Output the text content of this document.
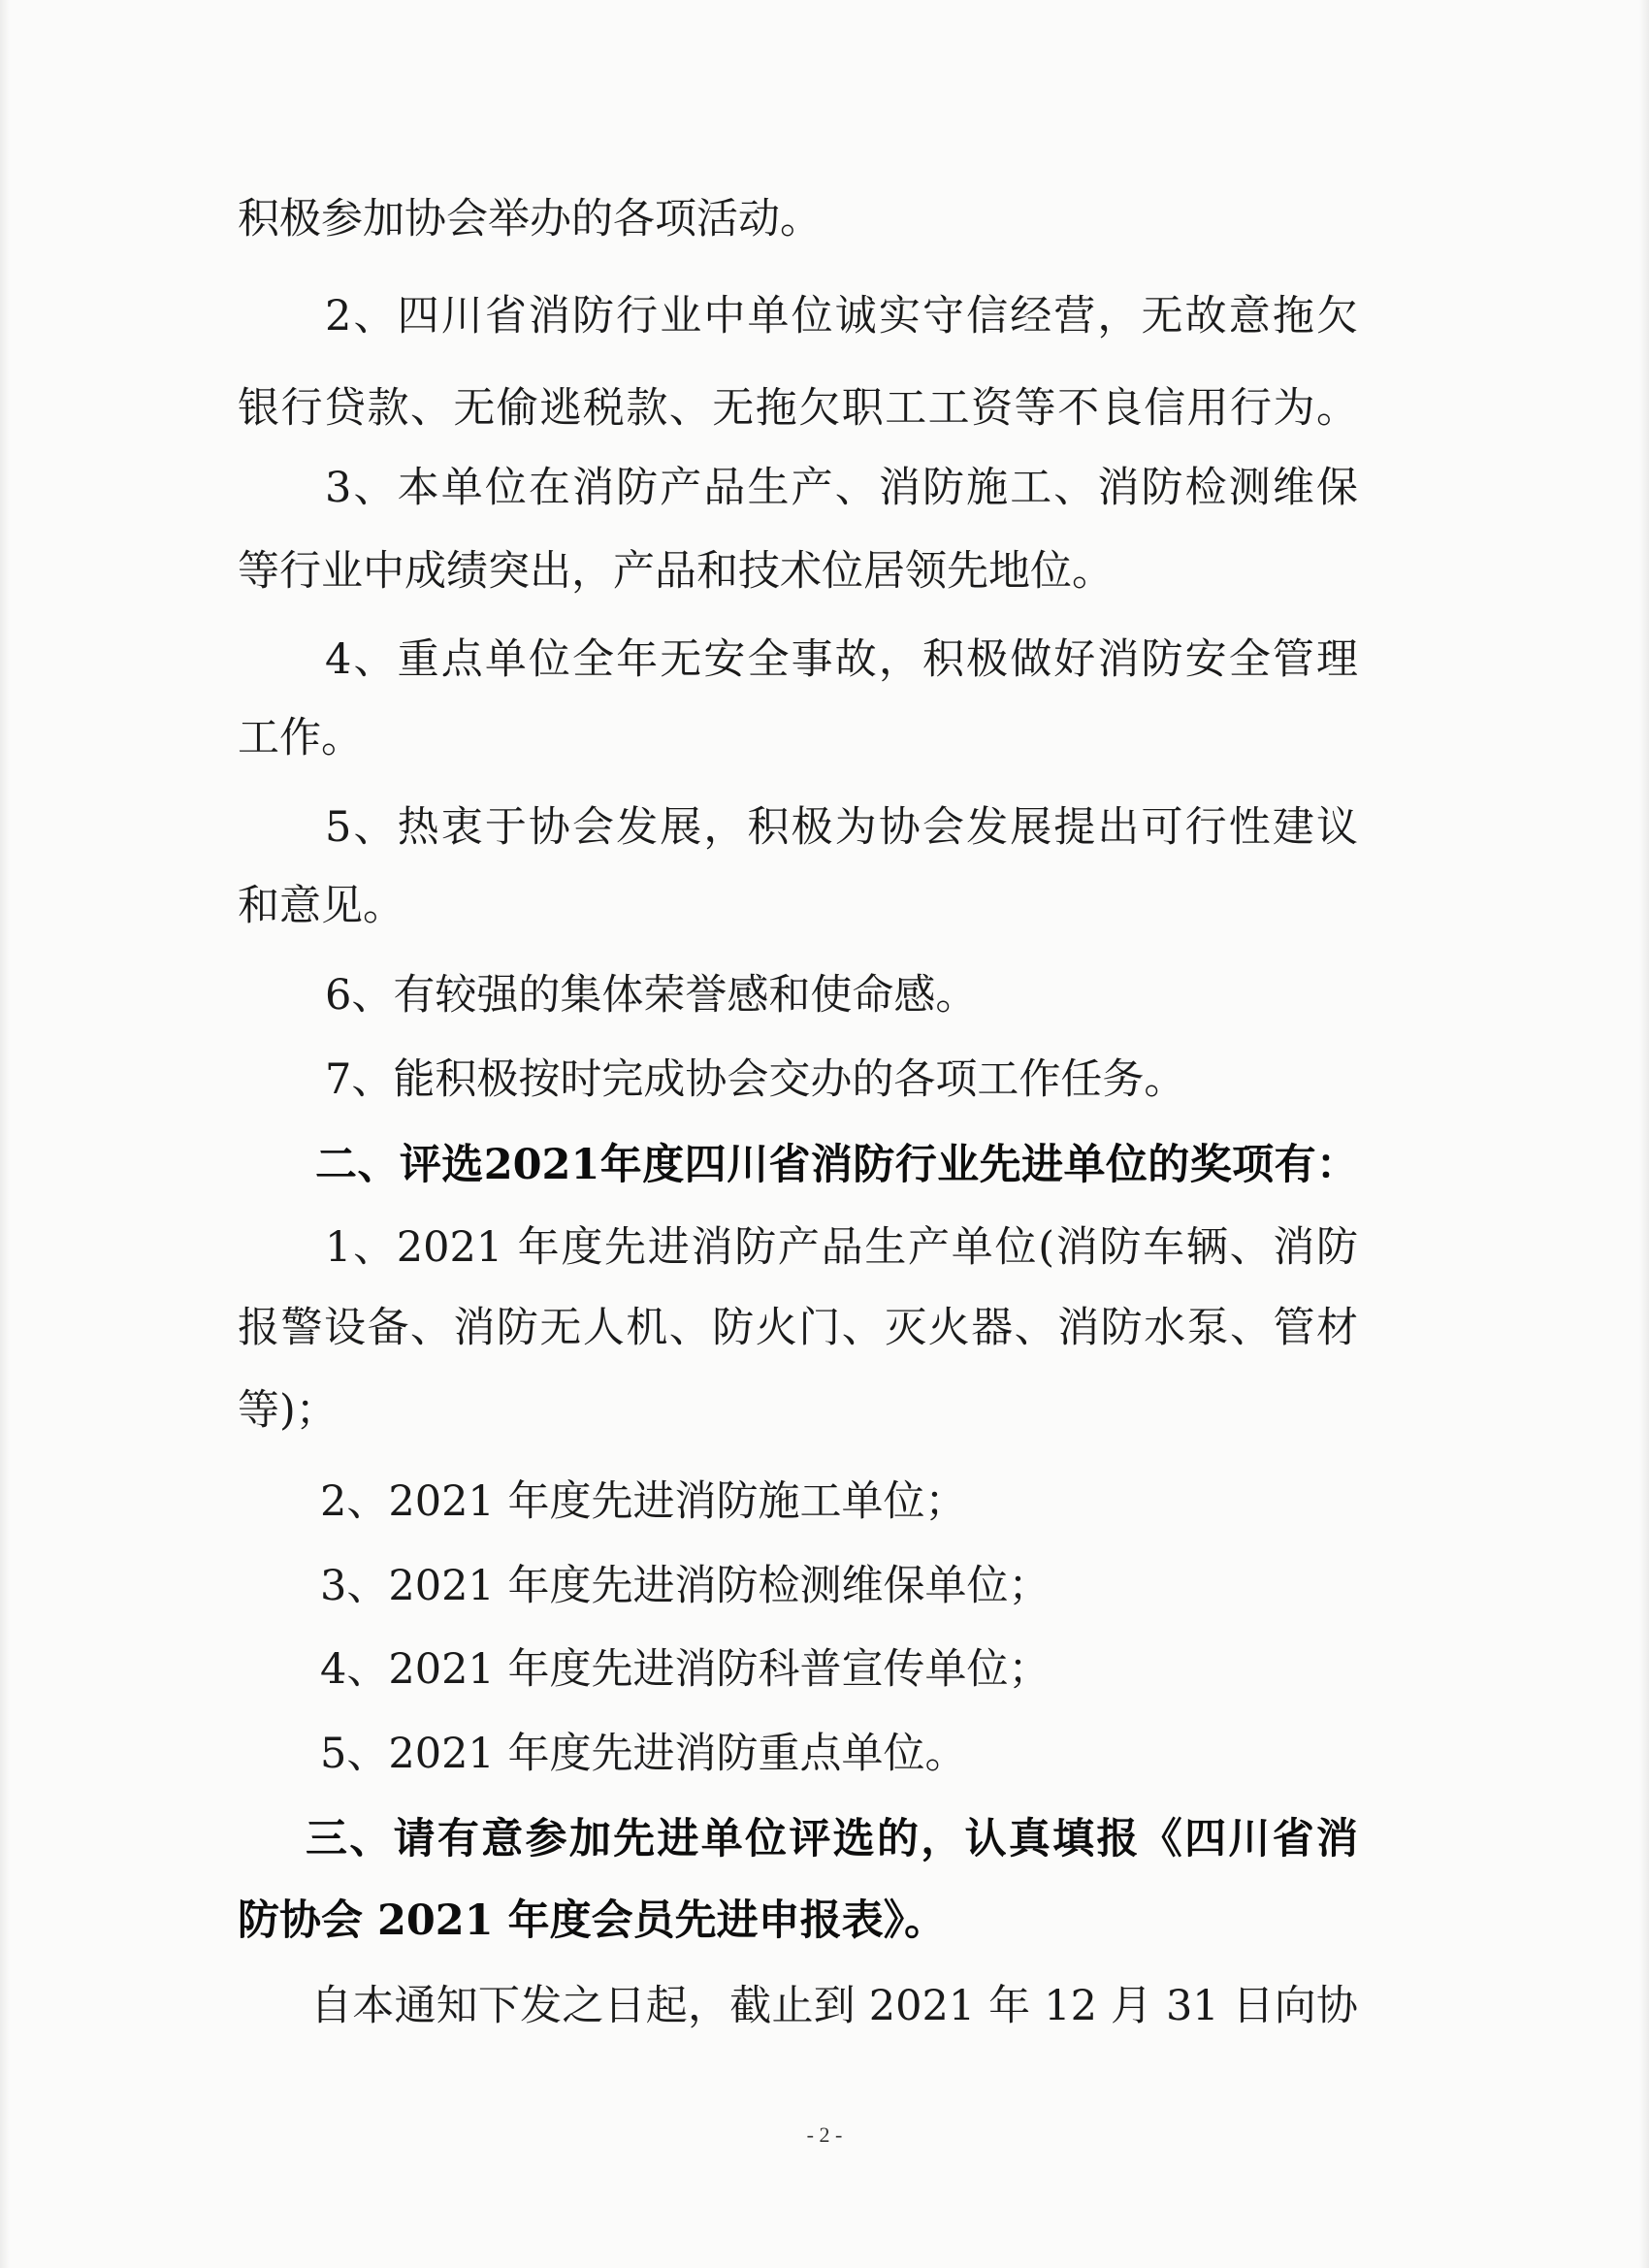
积极参加协会举办的各项活动。
2、四川省消防行业中单位诚实守信经营，无故意拖欠
银行贷款、无偷逃税款、无拖欠职工工资等不良信用行为。
3、本单位在消防产品生产、消防施工、消防检测维保
等行业中成绩突出，产品和技术位居领先地位。
4、重点单位全年无安全事故，积极做好消防安全管理
工作。
5、热衷于协会发展，积极为协会发展提出可行性建议
和意见。
6、有较强的集体荣誉感和使命感。
7、能积极按时完成协会交办的各项工作任务。
二、评选2021年度四川省消防行业先进单位的奖项有：
1、2021 年度先进消防产品生产单位(消防车辆、消防
报警设备、消防无人机、防火门、灭火器、消防水泵、管材
等)；
2、2021 年度先进消防施工单位；
3、2021 年度先进消防检测维保单位；
4、2021 年度先进消防科普宣传单位；
5、2021 年度先进消防重点单位。
三、请有意参加先进单位评选的，认真填报《四川省消
防协会 2021 年度会员先进申报表》。
自本通知下发之日起，截止到 2021 年 12 月 31 日向协
- 2 -
